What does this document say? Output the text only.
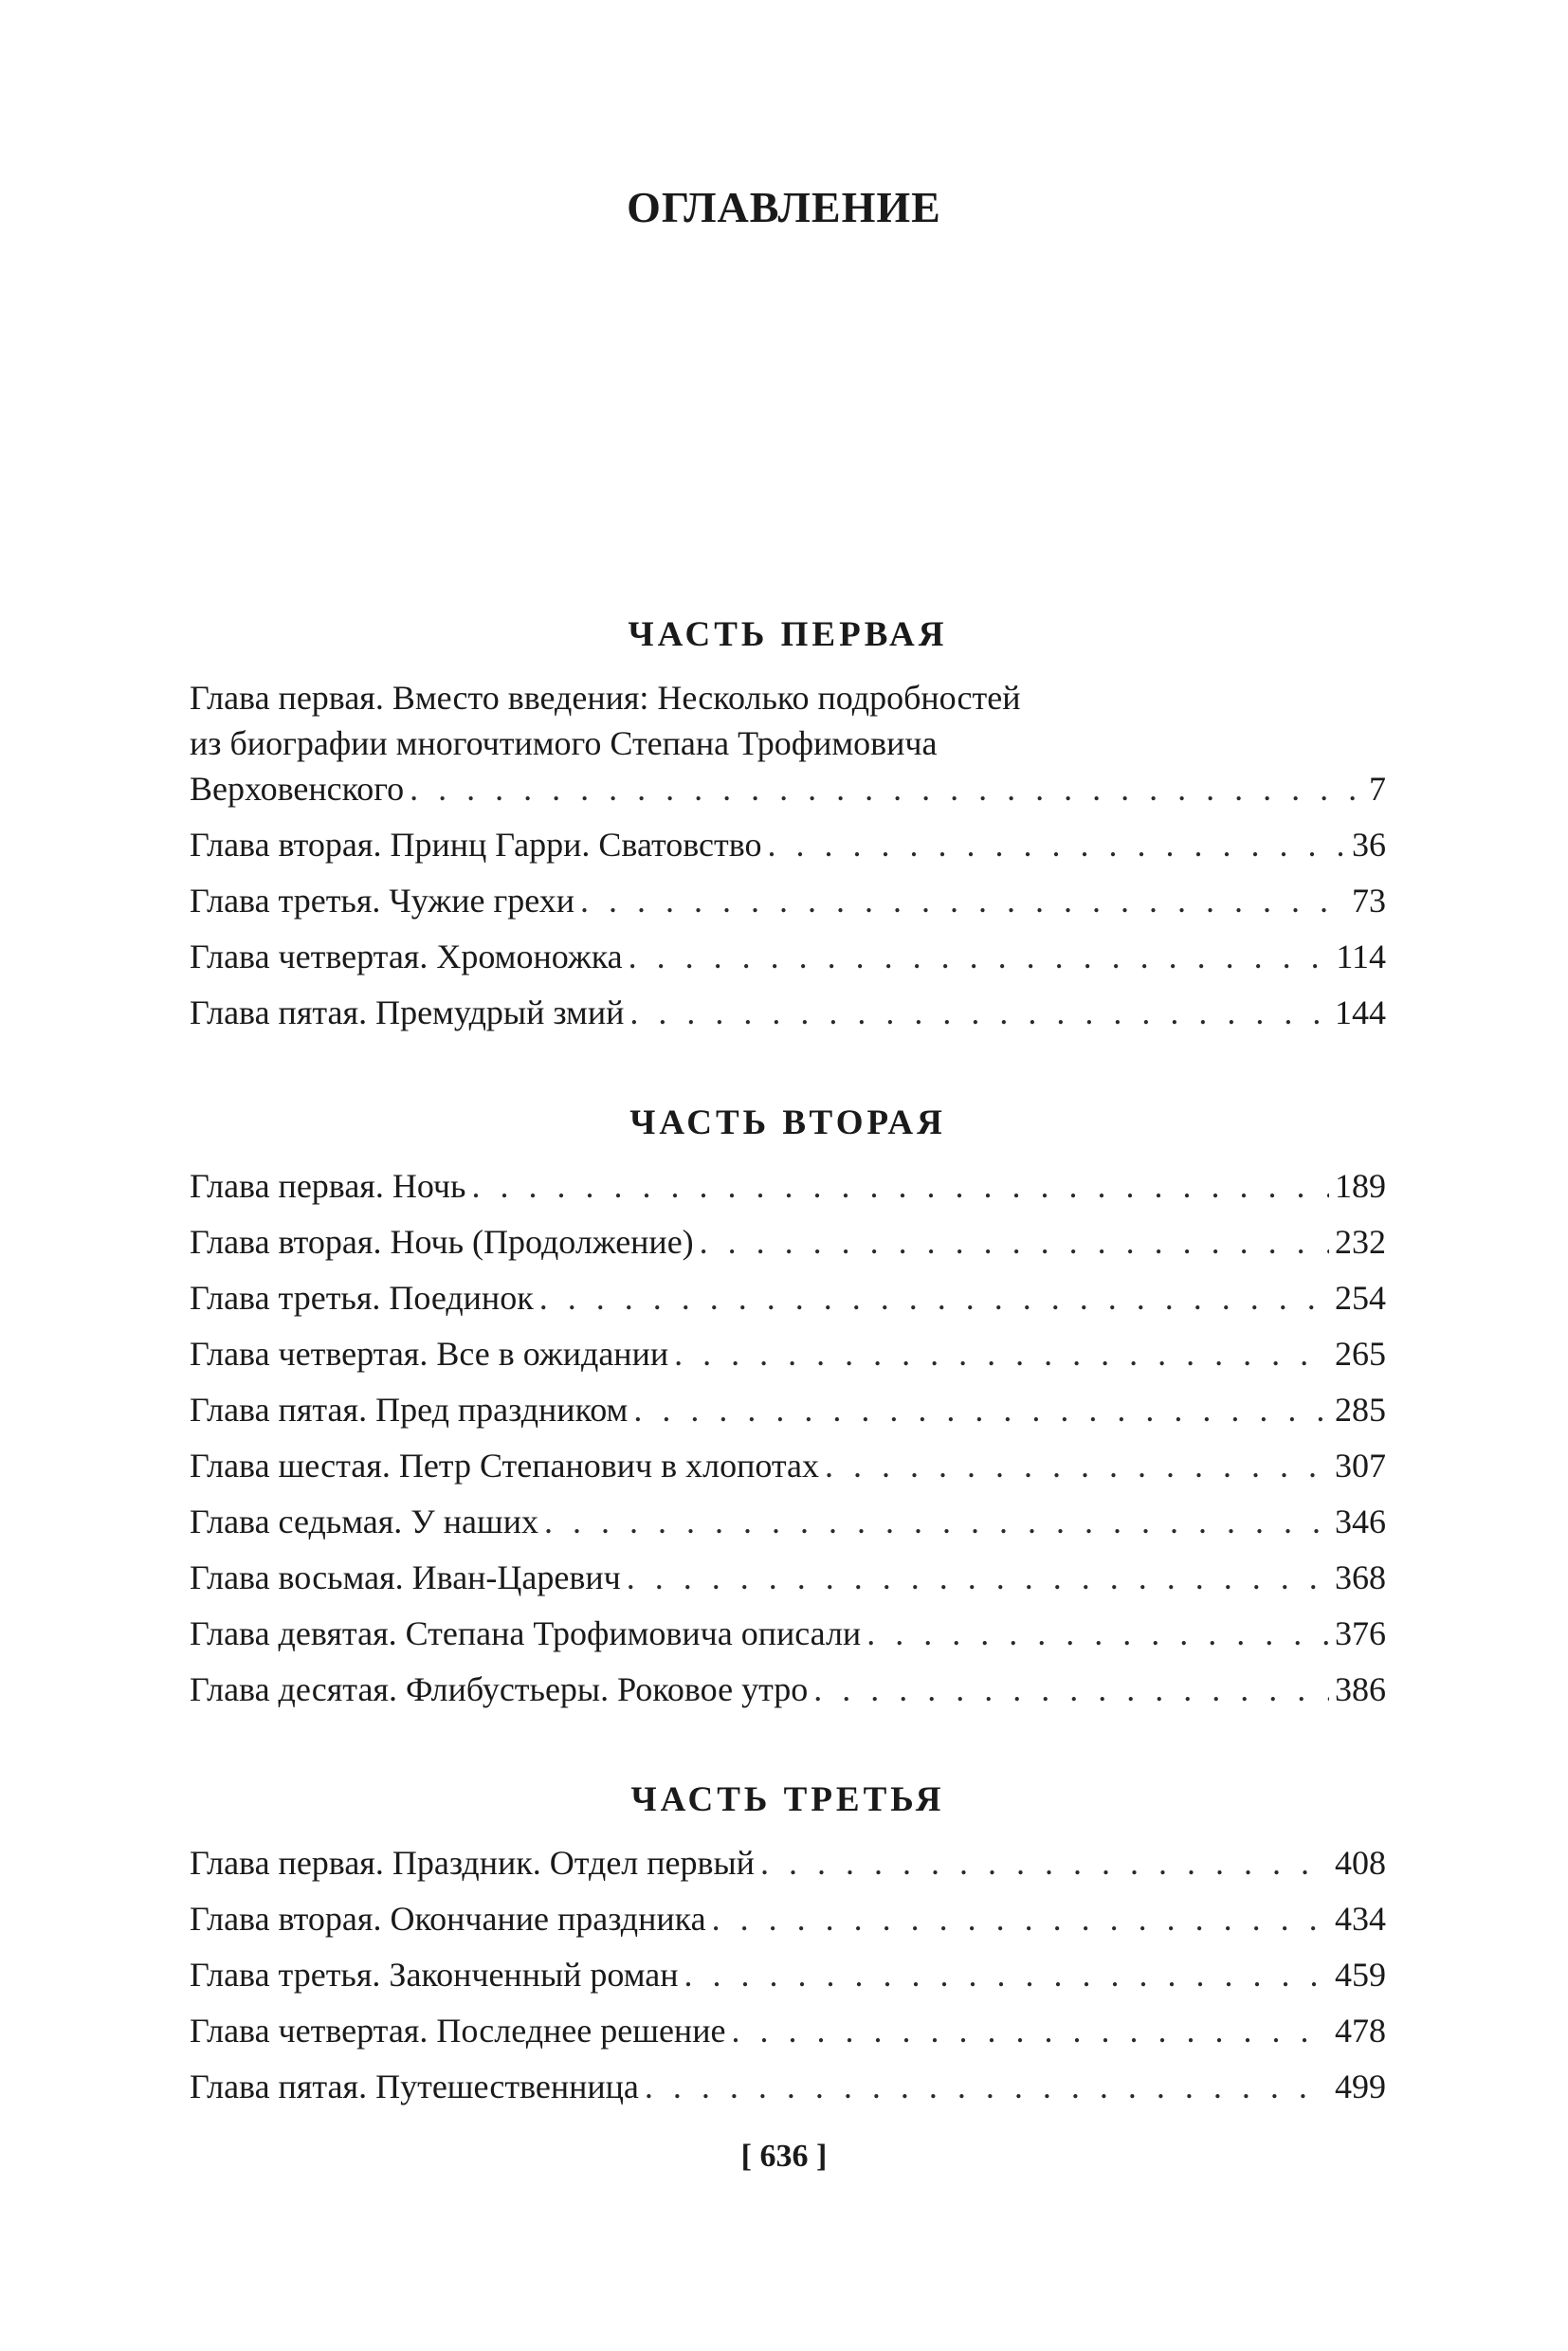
ОГЛАВЛЕНИЕ
ЧАСТЬ ПЕРВАЯ
Глава первая. Вместо введения: Несколько подробностей
из биографии многочтимого Степана Трофимовича
Верховенского . . .	7
Глава вторая. Принц Гарри. Сватовство . . .	36
Глава третья. Чужие грехи . . .	73
Глава четвертая. Хромоножка . . .	114
Глава пятая. Премудрый змий . . .	144
ЧАСТЬ ВТОРАЯ
Глава первая. Ночь . . .	189
Глава вторая. Ночь (Продолжение) . . .	232
Глава третья. Поединок . . .	254
Глава четвертая. Все в ожидании . . .	265
Глава пятая. Пред праздником . . .	285
Глава шестая. Петр Степанович в хлопотах . . .	307
Глава седьмая. У наших . . .	346
Глава восьмая. Иван-Царевич . . .	368
Глава девятая. Степана Трофимовича описали . . .	376
Глава десятая. Флибустьеры. Роковое утро . . .	386
ЧАСТЬ ТРЕТЬЯ
Глава первая. Праздник. Отдел первый . . .	408
Глава вторая. Окончание праздника . . .	434
Глава третья. Законченный роман . . .	459
Глава четвертая. Последнее решение . . .	478
Глава пятая. Путешественница . . .	499
[ 636 ]
